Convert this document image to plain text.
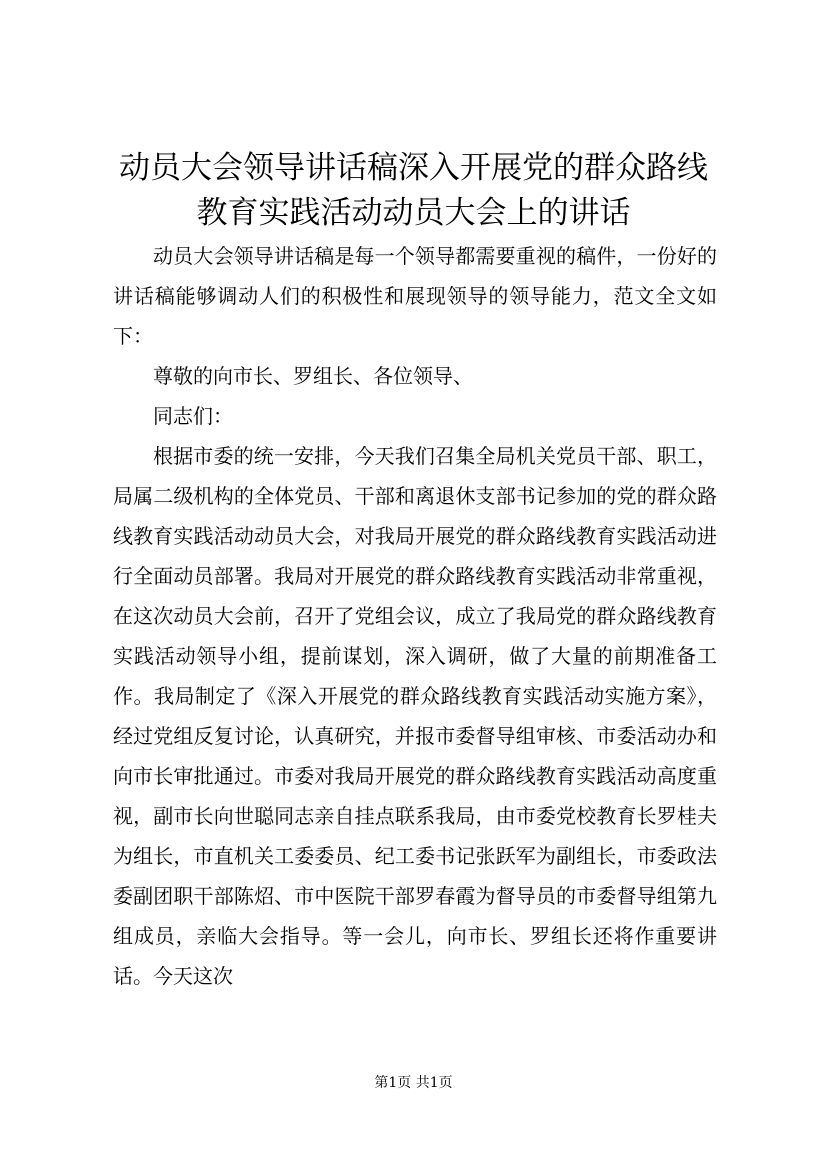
动员大会领导讲话稿深入开展党的群众路线教育实践活动动员大会上的讲话

动员大会领导讲话稿是每一个领导都需要重视的稿件，一份好的讲话稿能够调动人们的积极性和展现领导的领导能力，范文全文如下：

尊敬的向市长、罗组长、各位领导、

同志们：

根据市委的统一安排，今天我们召集全局机关党员干部、职工，局属二级机构的全体党员、干部和离退休支部书记参加的党的群众路线教育实践活动动员大会，对我局开展党的群众路线教育实践活动进行全面动员部署。我局对开展党的群众路线教育实践活动非常重视，在这次动员大会前，召开了党组会议，成立了我局党的群众路线教育实践活动领导小组，提前谋划，深入调研，做了大量的前期准备工作。我局制定了《深入开展党的群众路线教育实践活动实施方案》，经过党组反复讨论，认真研究，并报市委督导组审核、市委活动办和向市长审批通过。市委对我局开展党的群众路线教育实践活动高度重视，副市长向世聪同志亲自挂点联系我局，由市委党校教育长罗桂夫为组长，市直机关工委委员、纪工委书记张跃军为副组长，市委政法委副团职干部陈炤、市中医院干部罗春霞为督导员的市委督导组第九组成员，亲临大会指导。等一会儿，向市长、罗组长还将作重要讲话。今天这次

第1页 共1页
